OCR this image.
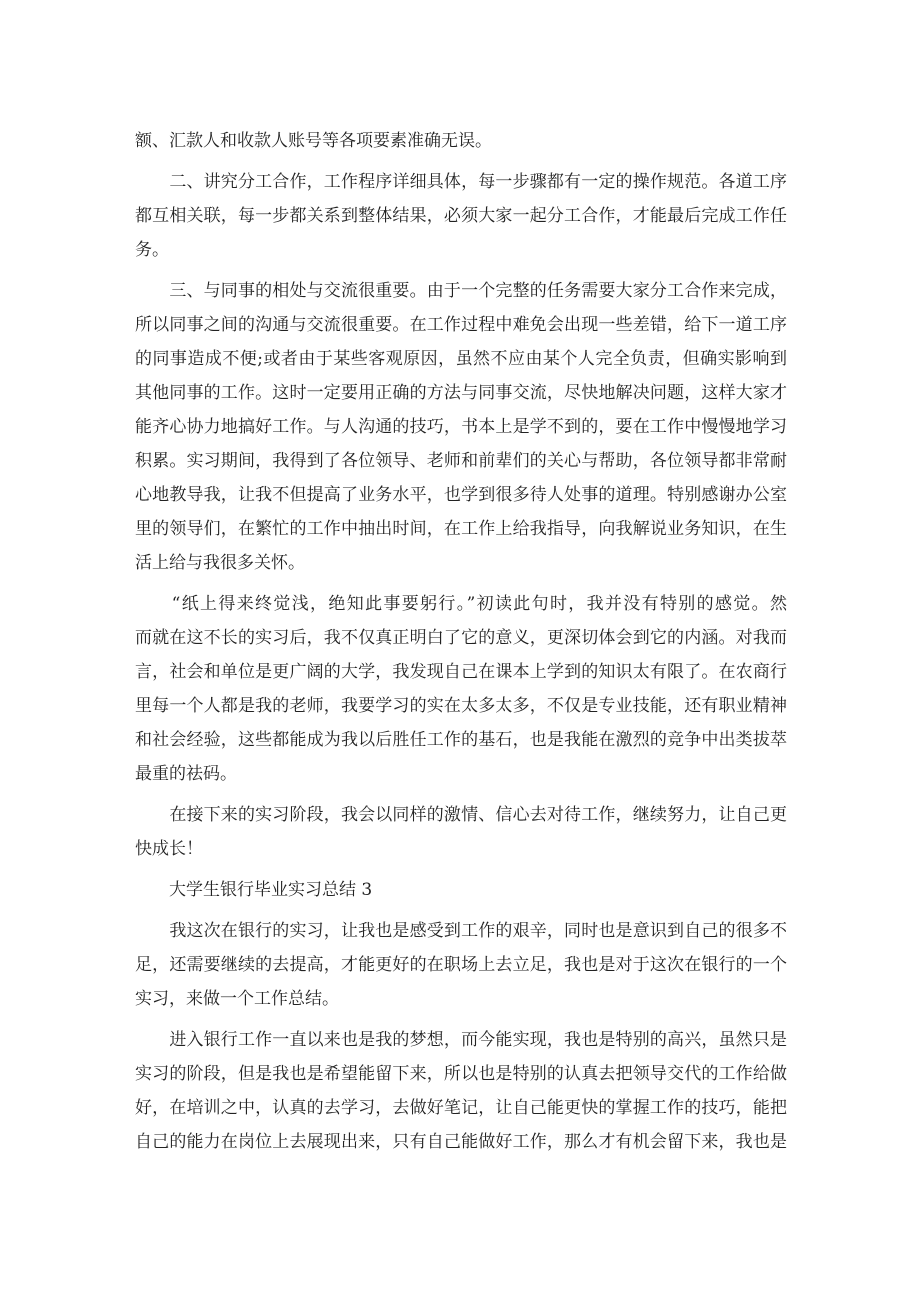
额、汇款人和收款人账号等各项要素准确无误。
　　二、讲究分工合作，工作程序详细具体，每一步骤都有一定的操作规范。各道工序
都互相关联，每一步都关系到整体结果，必须大家一起分工合作，才能最后完成工作任
务。
　　三、与同事的相处与交流很重要。由于一个完整的任务需要大家分工合作来完成，
所以同事之间的沟通与交流很重要。在工作过程中难免会出现一些差错，给下一道工序
的同事造成不便;或者由于某些客观原因，虽然不应由某个人完全负责，但确实影响到
其他同事的工作。这时一定要用正确的方法与同事交流，尽快地解决问题，这样大家才
能齐心协力地搞好工作。与人沟通的技巧，书本上是学不到的，要在工作中慢慢地学习
积累。实习期间，我得到了各位领导、老师和前辈们的关心与帮助，各位领导都非常耐
心地教导我，让我不但提高了业务水平，也学到很多待人处事的道理。特别感谢办公室
里的领导们，在繁忙的工作中抽出时间，在工作上给我指导，向我解说业务知识，在生
活上给与我很多关怀。
　　“纸上得来终觉浅，绝知此事要躬行。”初读此句时，我并没有特别的感觉。然
而就在这不长的实习后，我不仅真正明白了它的意义，更深切体会到它的内涵。对我而
言，社会和单位是更广阔的大学，我发现自己在课本上学到的知识太有限了。在农商行
里每一个人都是我的老师，我要学习的实在太多太多，不仅是专业技能，还有职业精神
和社会经验，这些都能成为我以后胜任工作的基石，也是我能在激烈的竞争中出类拔萃
最重的祛码。
　　在接下来的实习阶段，我会以同样的激情、信心去对待工作，继续努力，让自己更
快成长！
　　大学生银行毕业实习总结 3
　　我这次在银行的实习，让我也是感受到工作的艰辛，同时也是意识到自己的很多不
足，还需要继续的去提高，才能更好的在职场上去立足，我也是对于这次在银行的一个
实习，来做一个工作总结。
　　进入银行工作一直以来也是我的梦想，而今能实现，我也是特别的高兴，虽然只是
实习的阶段，但是我也是希望能留下来，所以也是特别的认真去把领导交代的工作给做
好，在培训之中，认真的去学习，去做好笔记，让自己能更快的掌握工作的技巧，能把
自己的能力在岗位上去展现出来，只有自己能做好工作，那么才有机会留下来，我也是
